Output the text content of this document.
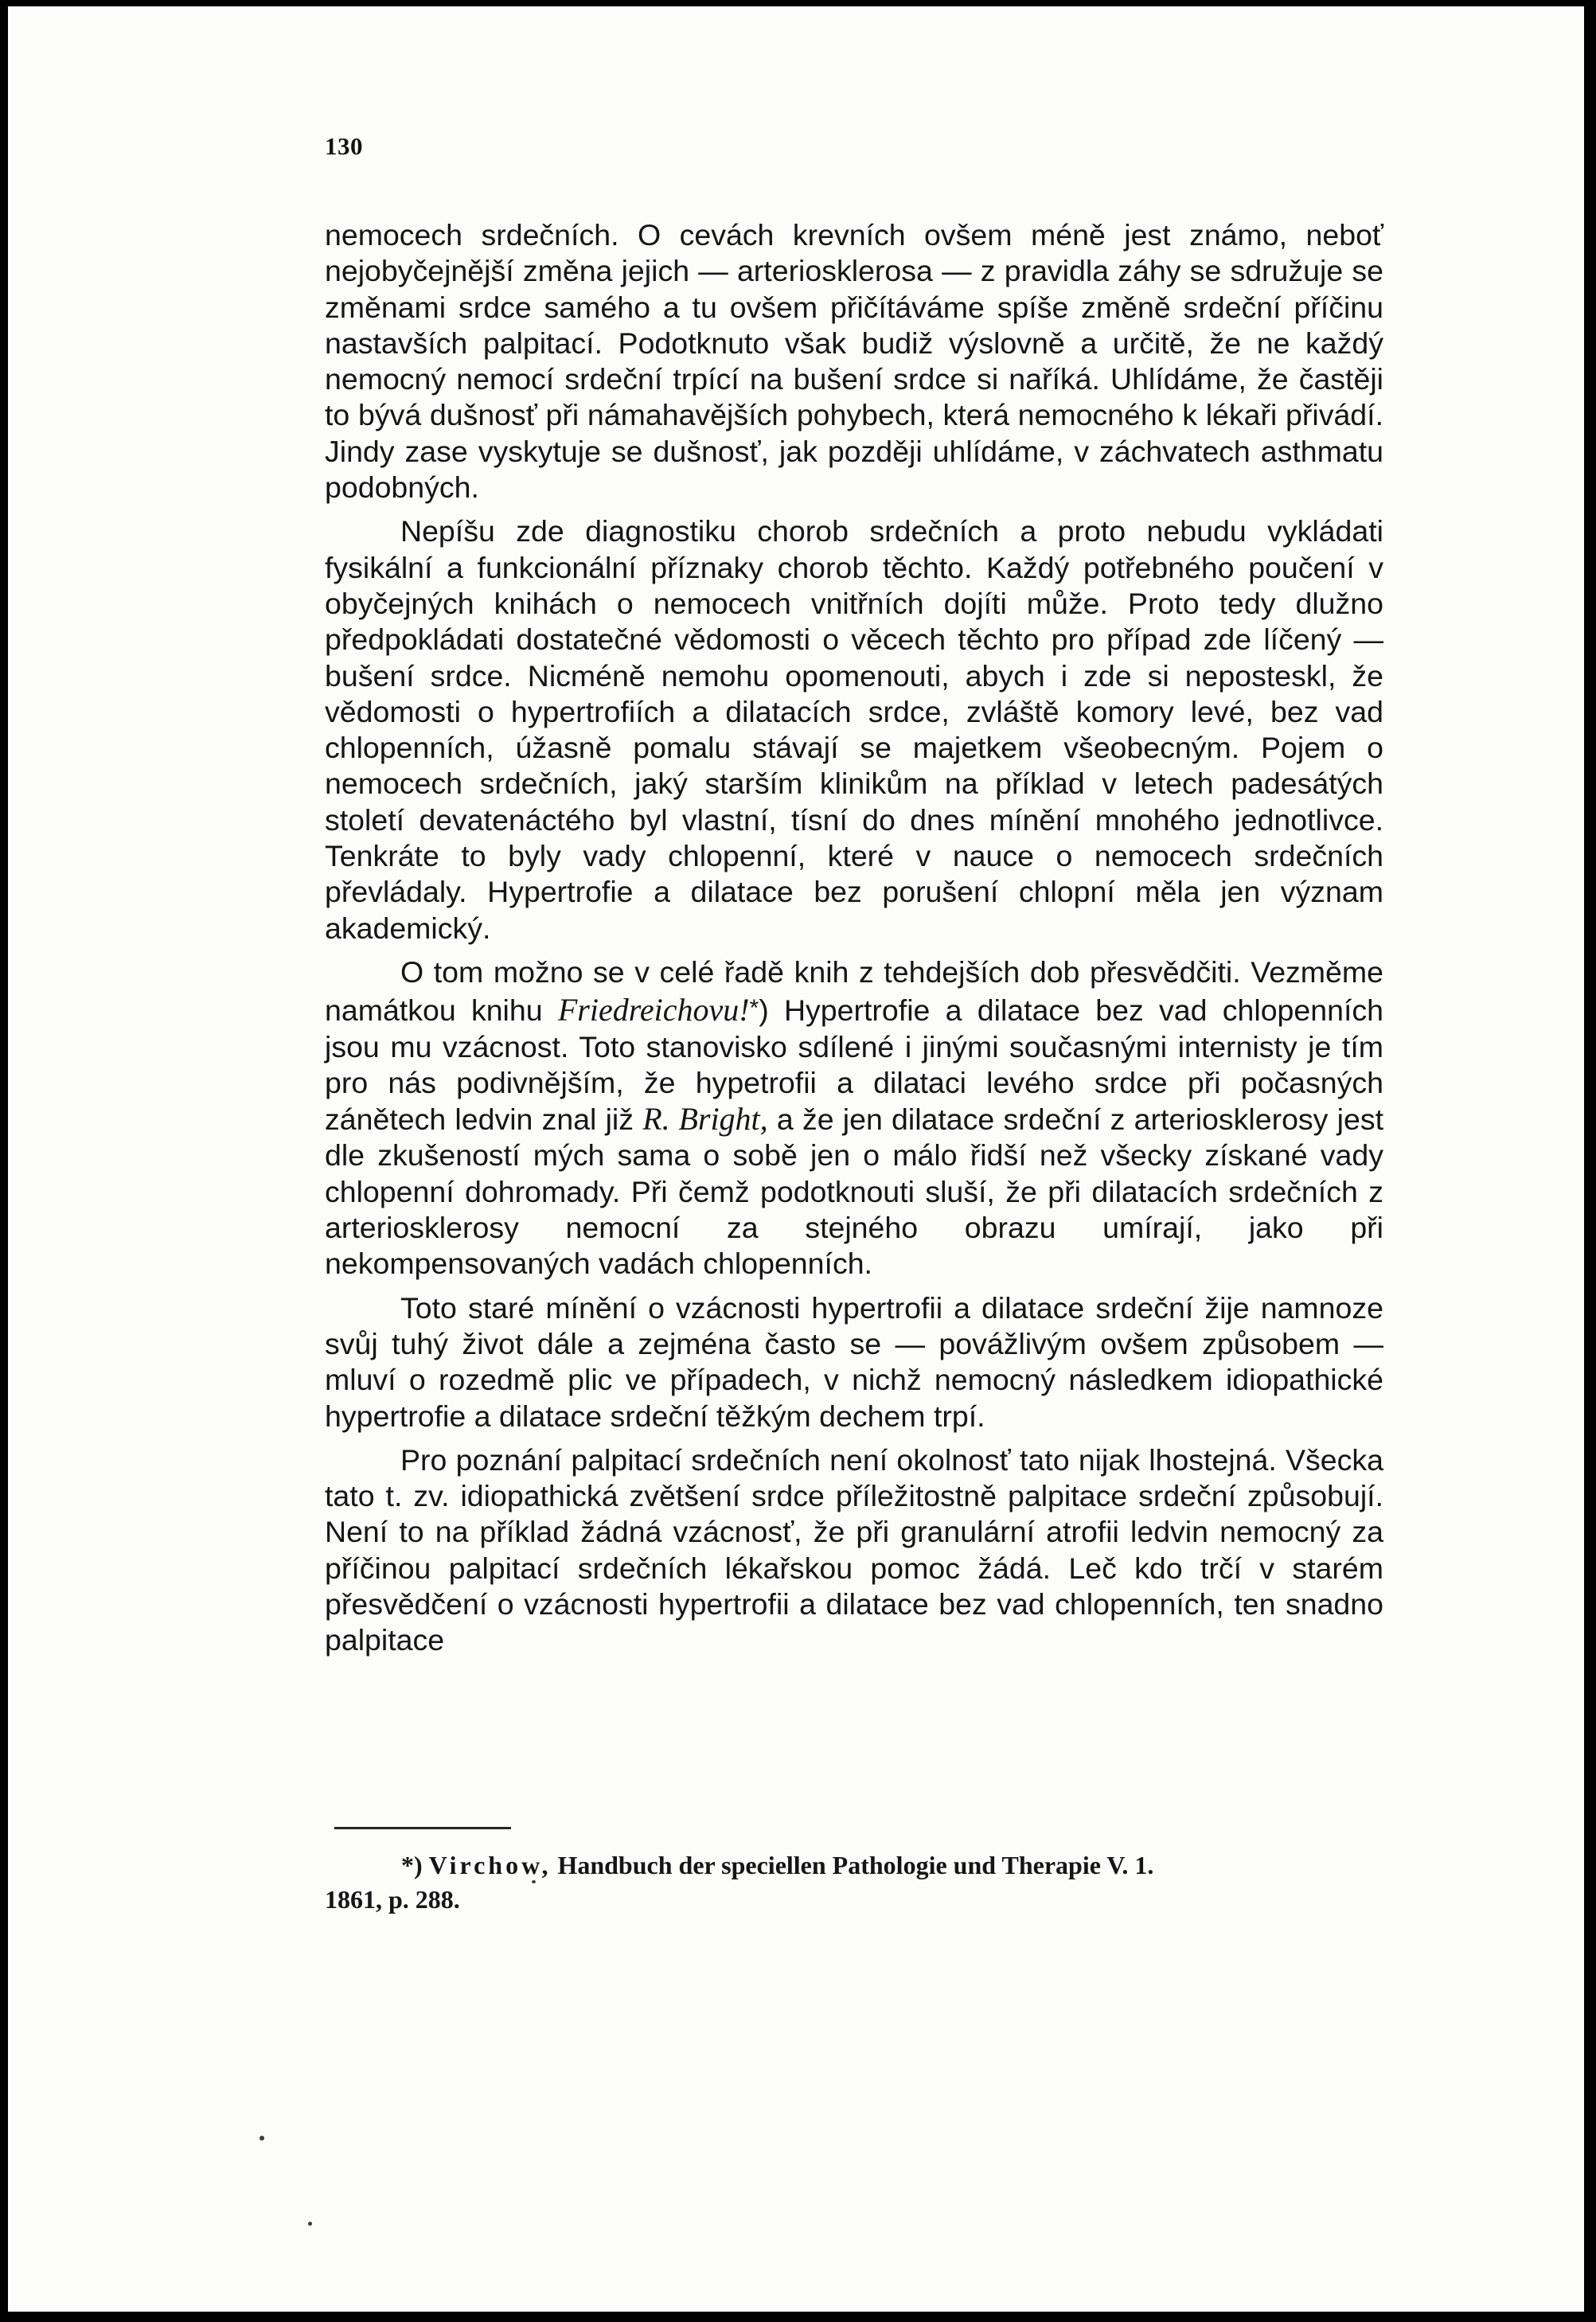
130

nemocech srdečních. O cevách krevních ovšem méně jest známo, neboť nejobyčejnější změna jejich — arteriosklerosa — z pravidla záhy se sdružuje se změnami srdce samého a tu ovšem přičítáváme spíše změně srdeční příčinu nastavších palpitací. Podotknuto však budiž výslovně a určitě, že ne každý nemocný nemocí srdeční trpící na bušení srdce si naříká. Uhlídáme, že častěji to bývá dušnosť při námahavějších pohybech, která nemocného k lékaři přivádí. Jindy zase vyskytuje se dušnosť, jak později uhlídáme, v záchvatech asthmatu podobných.

Nepíšu zde diagnostiku chorob srdečních a proto nebudu vykládati fysikální a funkcionální příznaky chorob těchto. Každý potřebného poučení v obyčejných knihách o nemocech vnitřních dojíti může. Proto tedy dlužno předpokládati dostatečné vědomosti o věcech těchto pro případ zde líčený — bušení srdce. Nicméně nemohu opomenouti, abych i zde si neposteskl, že vědomosti o hypertrofiích a dilatacích srdce, zvláště komory levé, bez vad chlopenních, úžasně pomalu stávají se majetkem všeobecným. Pojem o nemocech srdečních, jaký starším klinikům na příklad v letech padesátých století devatenáctého byl vlastní, tísní do dnes mínění mnohého jednotlivce. Tenkráte to byly vady chlopenní, které v nauce o nemocech srdečních převládaly. Hypertrofie a dilatace bez porušení chlopní měla jen význam akademický.

O tom možno se v celé řadě knih z tehdejších dob přesvědčiti. Vezměme namátkou knihu Friedreichovu!*) Hypertrofie a dilatace bez vad chlopenních jsou mu vzácnost. Toto stanovisko sdílené i jinými současnými internisty je tím pro nás podivnějším, že hypetrofii a dilataci levého srdce při počasných zánětech ledvin znal již R. Bright, a že jen dilatace srdeční z arteriosklerosy jest dle zkušeností mých sama o sobě jen o málo řidší než všecky získané vady chlopenní dohromady. Při čemž podotknouti sluší, že při dilatacích srdečních z arteriosklerosy nemocní za stejného obrazu umírají, jako při nekompensovaných vadách chlopenních.

Toto staré mínění o vzácnosti hypertrofii a dilatace srdeční žije namnoze svůj tuhý život dále a zejména často se — povážlivým ovšem způsobem — mluví o rozedmě plic ve případech, v nichž nemocný následkem idiopathické hypertrofie a dilatace srdeční těžkým dechem trpí.

Pro poznání palpitací srdečních není okolnosť tato nijak lhostejná. Všecka tato t. zv. idiopathická zvětšení srdce příležitostně palpitace srdeční způsobují. Není to na příklad žádná vzácnosť, že při granulární atrofii ledvin nemocný za příčinou palpitací srdečních lékařskou pomoc žádá. Leč kdo trčí v starém přesvědčení o vzácnosti hypertrofii a dilatace bez vad chlopenních, ten snadno palpitace

*) Virchow, Handbuch der speciellen Pathologie und Therapie V. 1.
1861, p. 288.
